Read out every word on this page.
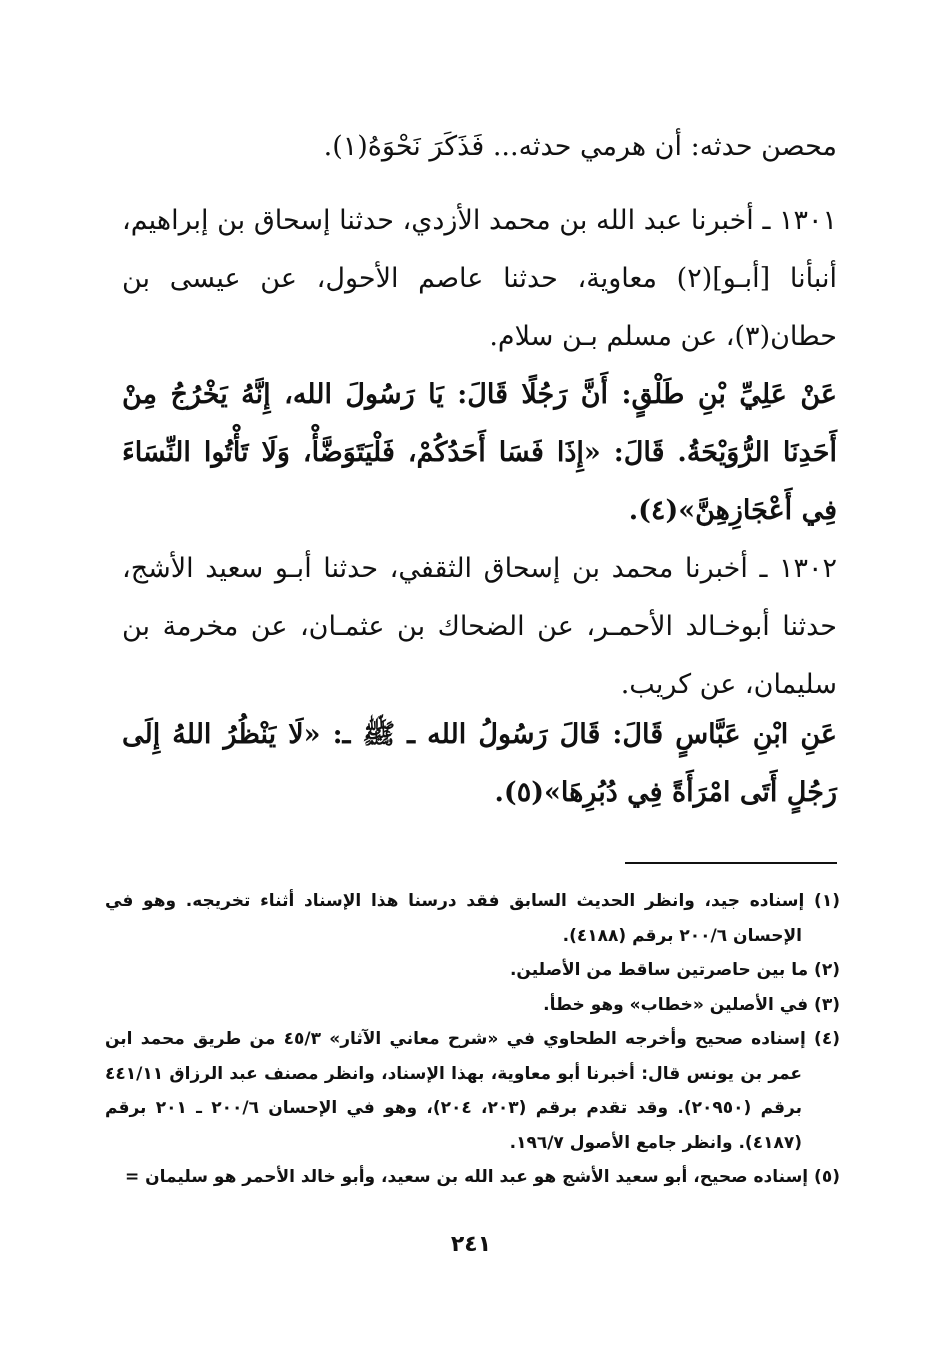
محصن حدثه: أن هرمي حدثه... فَذَكَرَ نَحْوَهُ(١).

١٣٠١ ـ أخبرنا عبد الله بن محمد الأزدي، حدثنا إسحاق بن إبراهيم، أنبأنا [أبـو](٢) معاوية، حدثنا عاصم الأحول، عن عيسى بن حطان(٣)، عن مسلم بـن سلام.

عَنْ عَلِيِّ بْنِ طَلْقٍ: أَنَّ رَجُلًا قَالَ: يَا رَسُولَ الله، إِنَّهُ يَخْرُجُ مِنْ أَحَدِنَا الرُّوَيْحَةُ. قَالَ: «إِذَا فَسَا أَحَدُكُمْ، فَلْيَتَوَضَّأْ، وَلَا تَأْتُوا النِّسَاءَ فِي أَعْجَازِهِنَّ»(٤).

١٣٠٢ ـ أخبرنا محمد بن إسحاق الثقفي، حدثنا أبـو سعيد الأشج، حدثنا أبوخـالد الأحمـر، عن الضحاك بن عثمـان، عن مخرمة بن سليمان، عن كريب.

عَنِ ابْنِ عَبَّاسٍ قَالَ: قَالَ رَسُولُ الله ـ ﷺ ـ: «لَا يَنْظُرُ اللهُ إِلَى رَجُلٍ أَتَى امْرَأَةً فِي دُبُرِهَا»(٥).

(١) إسناده جيد، وانظر الحديث السابق فقد درسنا هذا الإسناد أثناء تخريجه. وهو في الإحسان ٢٠٠/٦ برقم (٤١٨٨).

(٢) ما بين حاصرتين ساقط من الأصلين.

(٣) في الأصلين «خطاب» وهو خطأ.

(٤) إسناده صحيح وأخرجه الطحاوي في «شرح معاني الآثار» ٤٥/٣ من طريق محمد ابن عمر بن يونس قال: أخبرنا أبو معاوية، بهذا الإسناد، وانظر مصنف عبد الرزاق ٤٤١/١١ برقم (٢٠٩٥٠). وقد تقدم برقم (٢٠٣، ٢٠٤)، وهو في الإحسان ٢٠٠/٦ ـ ٢٠١ برقم (٤١٨٧). وانظر جامع الأصول ١٩٦/٧.

(٥) إسناده صحيح، أبو سعيد الأشج هو عبد الله بن سعيد، وأبو خالد الأحمر هو سليمان =

٢٤١
